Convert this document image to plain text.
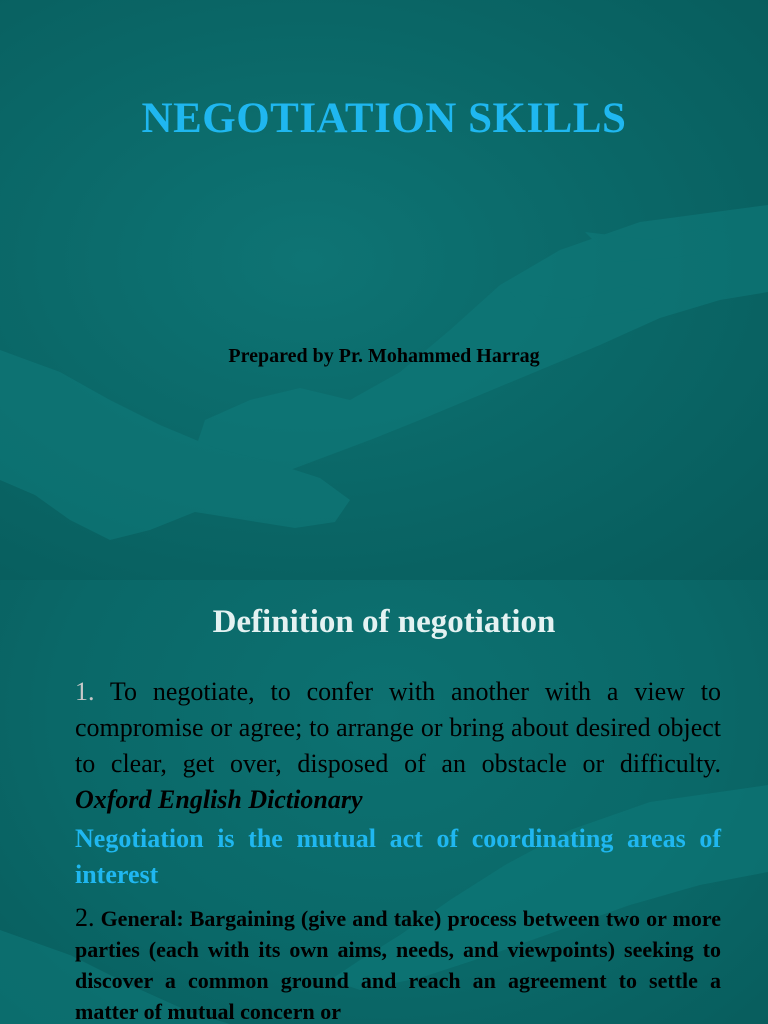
NEGOTIATION SKILLS
Prepared by Pr. Mohammed Harrag
Definition of negotiation
1. To negotiate, to confer with another with a view to compromise or agree; to arrange or bring about desired object to clear, get over, disposed of an obstacle or difficulty. Oxford English Dictionary
Negotiation is the mutual act of coordinating areas of interest
2. General: Bargaining (give and take) process between two or more parties (each with its own aims, needs, and viewpoints) seeking to discover a common ground and reach an agreement to settle a matter of mutual concern or
